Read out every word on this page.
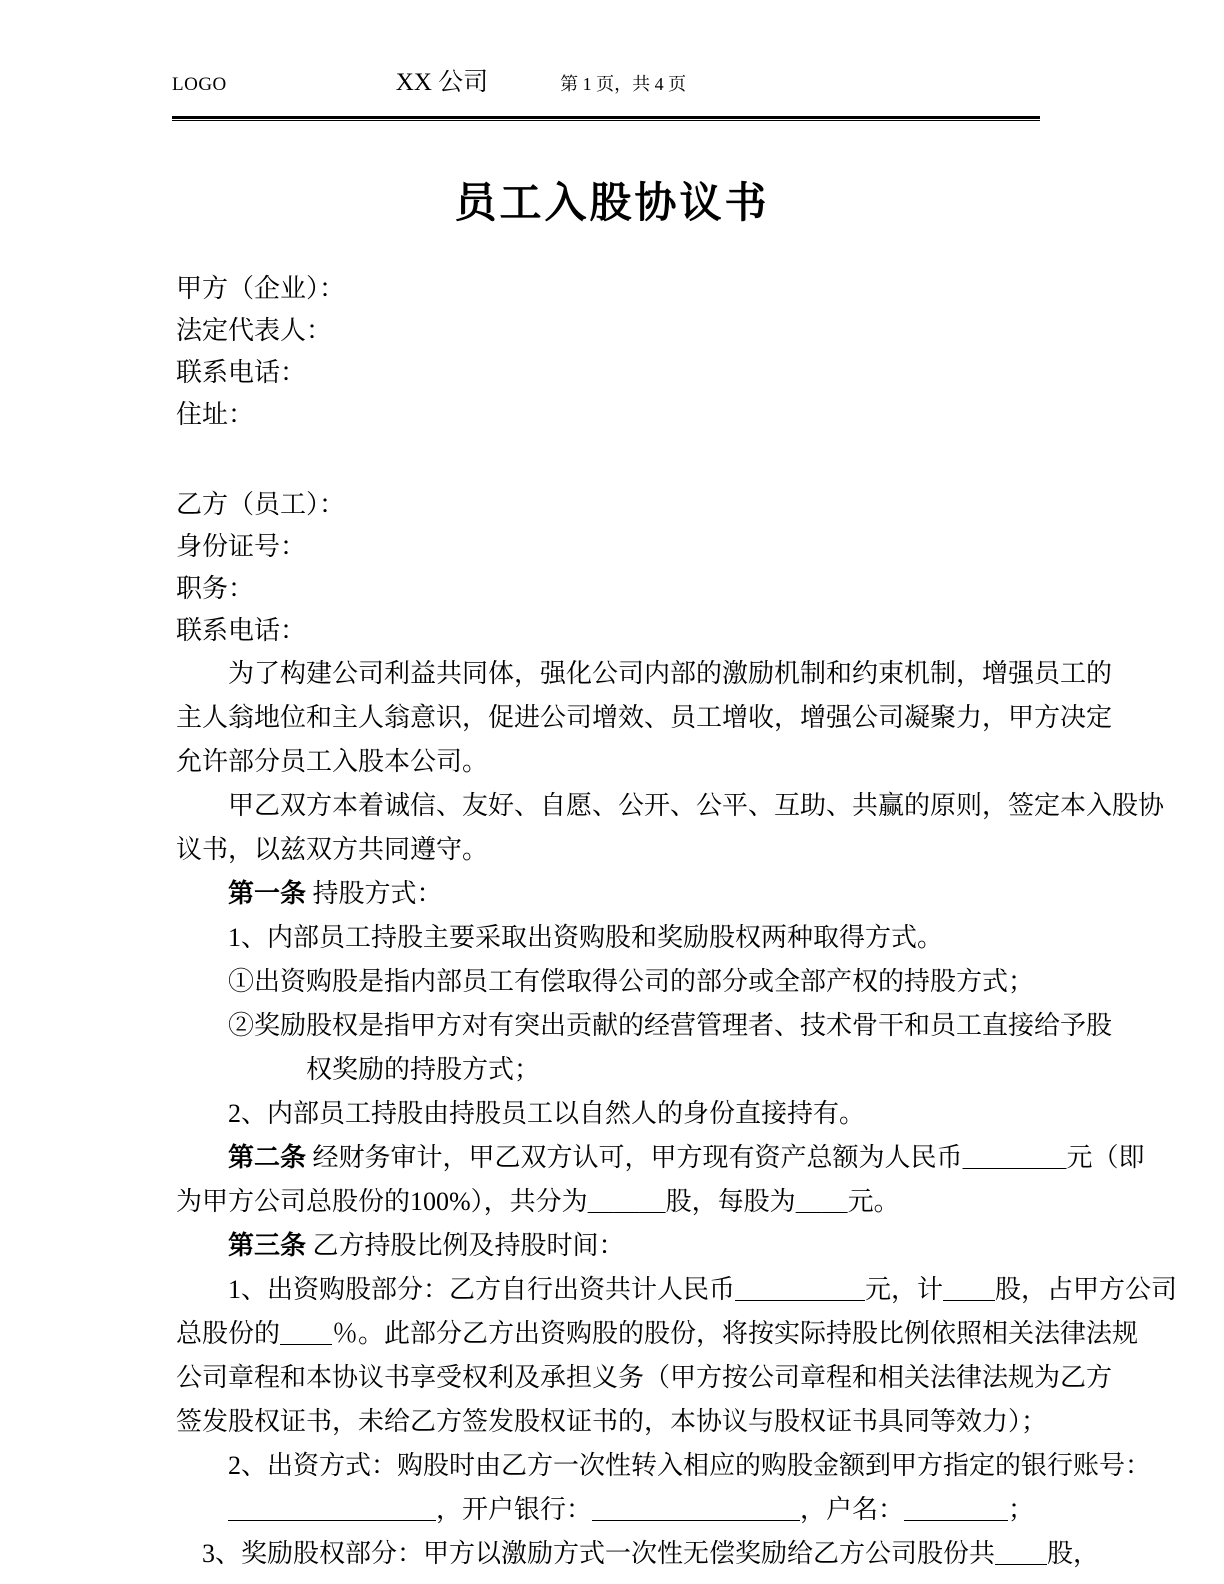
LOGO	XX 公司	第 1 页，共 4 页
员工入股协议书
甲方（企业）：
法定代表人：
联系电话：
住址：
乙方（员工）：
身份证号：
职务：
联系电话：
　　为了构建公司利益共同体，强化公司内部的激励机制和约束机制，增强员工的
主人翁地位和主人翁意识，促进公司增效、员工增收，增强公司凝聚力，甲方决定
允许部分员工入股本公司。
　　甲乙双方本着诚信、友好、自愿、公开、公平、互助、共赢的原则，签定本入股协
议书，以兹双方共同遵守。
第一条 持股方式：
1、内部员工持股主要采取出资购股和奖励股权两种取得方式。
①出资购股是指内部员工有偿取得公司的部分或全部产权的持股方式；
②奖励股权是指甲方对有突出贡献的经营管理者、技术骨干和员工直接给予股
　　　权奖励的持股方式；
2、内部员工持股由持股员工以自然人的身份直接持有。
第二条 经财务审计，甲乙双方认可，甲方现有资产总额为人民币＿＿＿＿元（即
为甲方公司总股份的100%），共分为＿＿＿股，每股为＿＿元。
第三条 乙方持股比例及持股时间：
1、出资购股部分：乙方自行出资共计人民币＿＿＿＿＿元，计＿＿股，占甲方公司
总股份的＿＿％。此部分乙方出资购股的股份，将按实际持股比例依照相关法律法规
公司章程和本协议书享受权利及承担义务（甲方按公司章程和相关法律法规为乙方
签发股权证书，未给乙方签发股权证书的，本协议与股权证书具同等效力）；
2、出资方式：购股时由乙方一次性转入相应的购股金额到甲方指定的银行账号：
＿＿＿＿＿＿＿＿，开户银行：＿＿＿＿＿＿＿＿，户名：＿＿＿＿；
3、奖励股权部分：甲方以激励方式一次性无偿奖励给乙方公司股份共＿＿股，
